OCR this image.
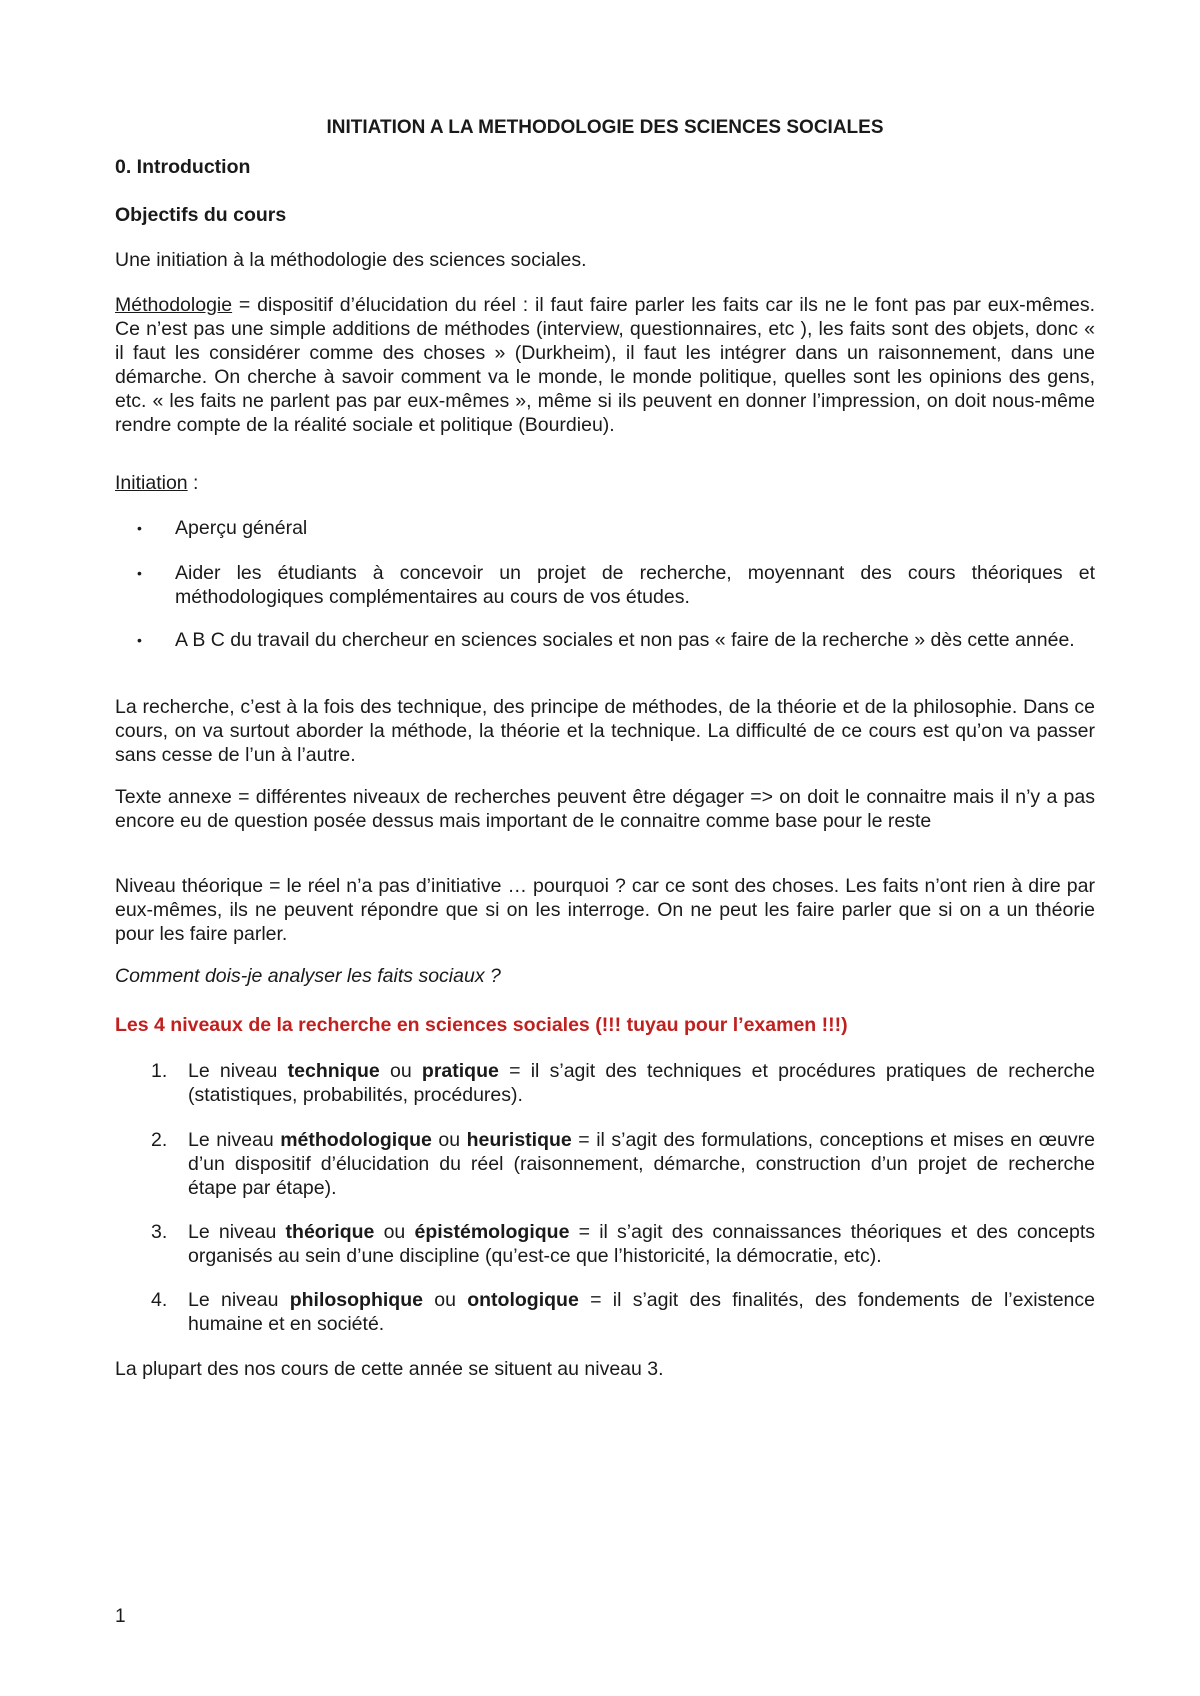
INITIATION A LA METHODOLOGIE DES SCIENCES SOCIALES
0. Introduction
Objectifs du cours
Une initiation à la méthodologie des sciences sociales.
Méthodologie = dispositif d’élucidation du réel : il faut faire parler les faits car ils ne le font pas par eux-mêmes. Ce n’est pas une simple additions de méthodes (interview, questionnaires, etc ), les faits sont des objets, donc « il faut les considérer comme des choses » (Durkheim), il faut les intégrer dans un raisonnement, dans une démarche. On cherche à savoir comment va le monde, le monde politique, quelles sont les opinions des gens, etc. « les faits ne parlent pas par eux-mêmes », même si ils peuvent en donner l’impression, on doit nous-même rendre compte de la réalité sociale et politique (Bourdieu).
Initiation :
• Aperçu général
• Aider les étudiants à concevoir un projet de recherche, moyennant des cours théoriques et méthodologiques complémentaires au cours de vos études.
• A B C du travail du chercheur en sciences sociales et non pas « faire de la recherche » dès cette année.
La recherche, c’est à la fois des technique, des principe de méthodes, de la théorie et de la philosophie. Dans ce cours, on va surtout aborder la méthode, la théorie et la technique. La difficulté de ce cours est qu’on va passer sans cesse de l’un à l’autre.
Texte annexe = différentes niveaux de recherches peuvent être dégager => on doit le connaitre mais il n’y a pas encore eu de question posée dessus mais important de le connaitre comme base pour le reste
Niveau théorique = le réel n’a pas d’initiative … pourquoi ? car ce sont des choses. Les faits n’ont rien à dire par eux-mêmes, ils ne peuvent répondre que si on les interroge. On ne peut les faire parler que si on a un théorie pour les faire parler.
Comment dois-je analyser les faits sociaux ?
Les 4 niveaux de la recherche en sciences sociales (!!! tuyau pour l’examen !!!)
1.	Le niveau technique ou pratique = il s’agit des techniques et procédures pratiques de recherche (statistiques, probabilités, procédures).
2.	Le niveau méthodologique ou heuristique = il s’agit des formulations, conceptions et mises en œuvre d’un dispositif d’élucidation du réel (raisonnement, démarche, construction d’un projet de recherche étape par étape).
3.	Le niveau théorique ou épistémologique = il s’agit des connaissances théoriques et des concepts organisés au sein d’une discipline (qu’est-ce que l’historicité, la démocratie, etc).
4.	Le niveau philosophique ou ontologique = il s’agit des finalités, des fondements de l’existence humaine et en société.
La plupart des nos cours de cette année se situent au niveau 3.
1
